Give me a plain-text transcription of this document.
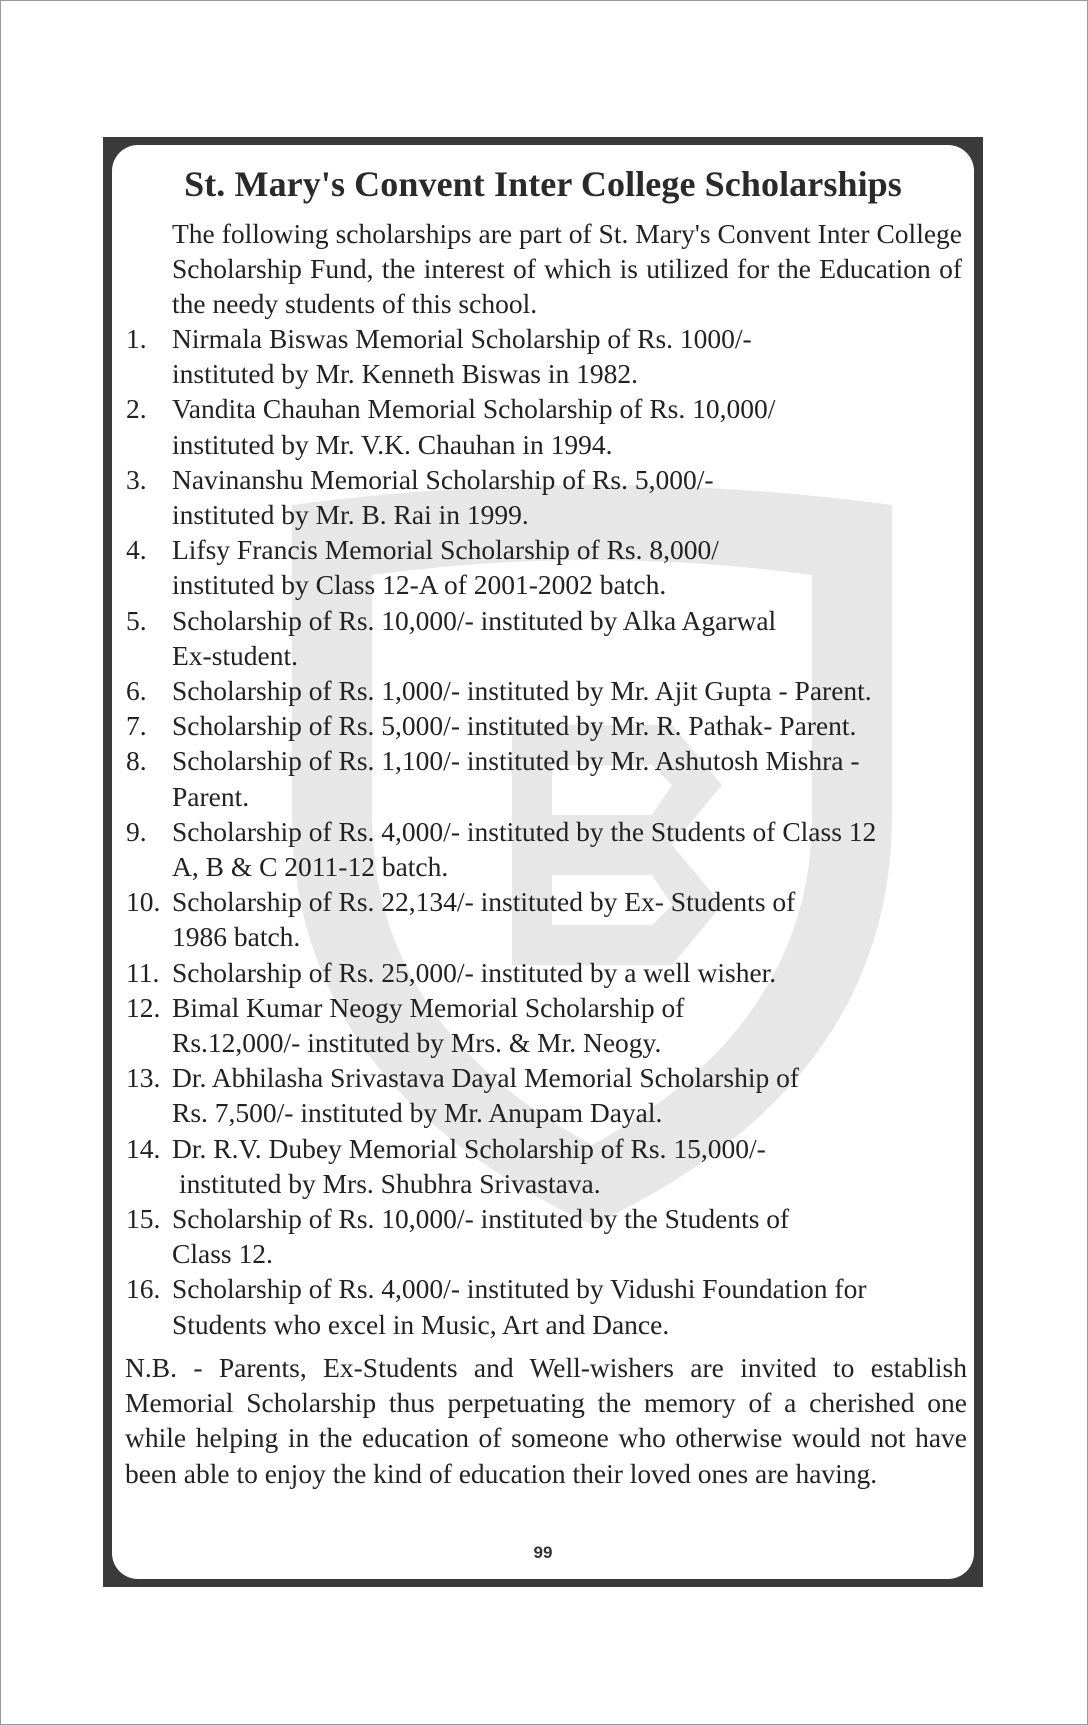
St. Mary's Convent Inter College Scholarships
The following scholarships are part of St. Mary's Convent Inter College Scholarship Fund, the interest of which is utilized for the Education of the needy students of this school.
1. Nirmala Biswas Memorial Scholarship of Rs. 1000/-
instituted by Mr. Kenneth Biswas in 1982.
2. Vandita Chauhan Memorial Scholarship of Rs. 10,000/
instituted by Mr. V.K. Chauhan in 1994.
3. Navinanshu Memorial Scholarship of Rs. 5,000/-
instituted by Mr. B. Rai in 1999.
4. Lifsy Francis Memorial Scholarship of Rs. 8,000/
instituted by Class 12-A of 2001-2002 batch.
5. Scholarship of Rs. 10,000/- instituted by Alka Agarwal
Ex-student.
6. Scholarship of Rs. 1,000/- instituted by Mr. Ajit Gupta - Parent.
7. Scholarship of Rs. 5,000/- instituted by Mr. R. Pathak- Parent.
8. Scholarship of Rs. 1,100/- instituted by Mr. Ashutosh Mishra -
Parent.
9. Scholarship of Rs. 4,000/- instituted by the Students of Class 12
A, B & C 2011-12 batch.
10. Scholarship of Rs. 22,134/- instituted by Ex- Students of
1986 batch.
11. Scholarship of Rs. 25,000/- instituted by a well wisher.
12. Bimal Kumar Neogy Memorial Scholarship of
Rs.12,000/- instituted by Mrs. & Mr. Neogy.
13. Dr. Abhilasha Srivastava Dayal Memorial Scholarship of
Rs. 7,500/- instituted by Mr. Anupam Dayal.
14. Dr. R.V. Dubey Memorial Scholarship of Rs. 15,000/-
instituted by Mrs. Shubhra Srivastava.
15. Scholarship of Rs. 10,000/- instituted by the Students of
Class 12.
16. Scholarship of Rs. 4,000/- instituted by Vidushi Foundation for
Students who excel in Music, Art and Dance.
N.B. - Parents, Ex-Students and Well-wishers are invited to establish Memorial Scholarship thus perpetuating the memory of a cherished one while helping in the education of someone who otherwise would not have been able to enjoy the kind of education their loved ones are having.
99
